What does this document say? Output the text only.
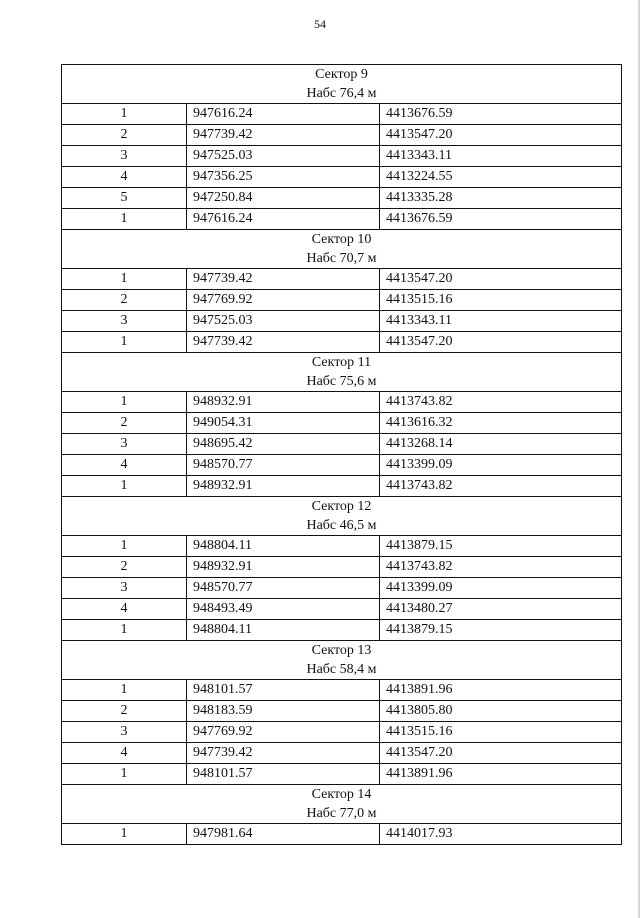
54
Сектор 9
Набс 76,4 м		

1	947616.24	4413676.59
2	947739.42	4413547.20
3	947525.03	4413343.11
4	947356.25	4413224.55
5	947250.84	4413335.28
1	947616.24	4413676.59

Сектор 10
Набс 70,7 м		

1	947739.42	4413547.20
2	947769.92	4413515.16
3	947525.03	4413343.11
1	947739.42	4413547.20

Сектор 11
Набс 75,6 м		

1	948932.91	4413743.82
2	949054.31	4413616.32
3	948695.42	4413268.14
4	948570.77	4413399.09
1	948932.91	4413743.82

Сектор 12
Набс 46,5 м		

1	948804.11	4413879.15
2	948932.91	4413743.82
3	948570.77	4413399.09
4	948493.49	4413480.27
1	948804.11	4413879.15

Сектор 13
Набс 58,4 м		

1	948101.57	4413891.96
2	948183.59	4413805.80
3	947769.92	4413515.16
4	947739.42	4413547.20
1	948101.57	4413891.96

Сектор 14
Набс 77,0 м		

1	947981.64	4414017.93
